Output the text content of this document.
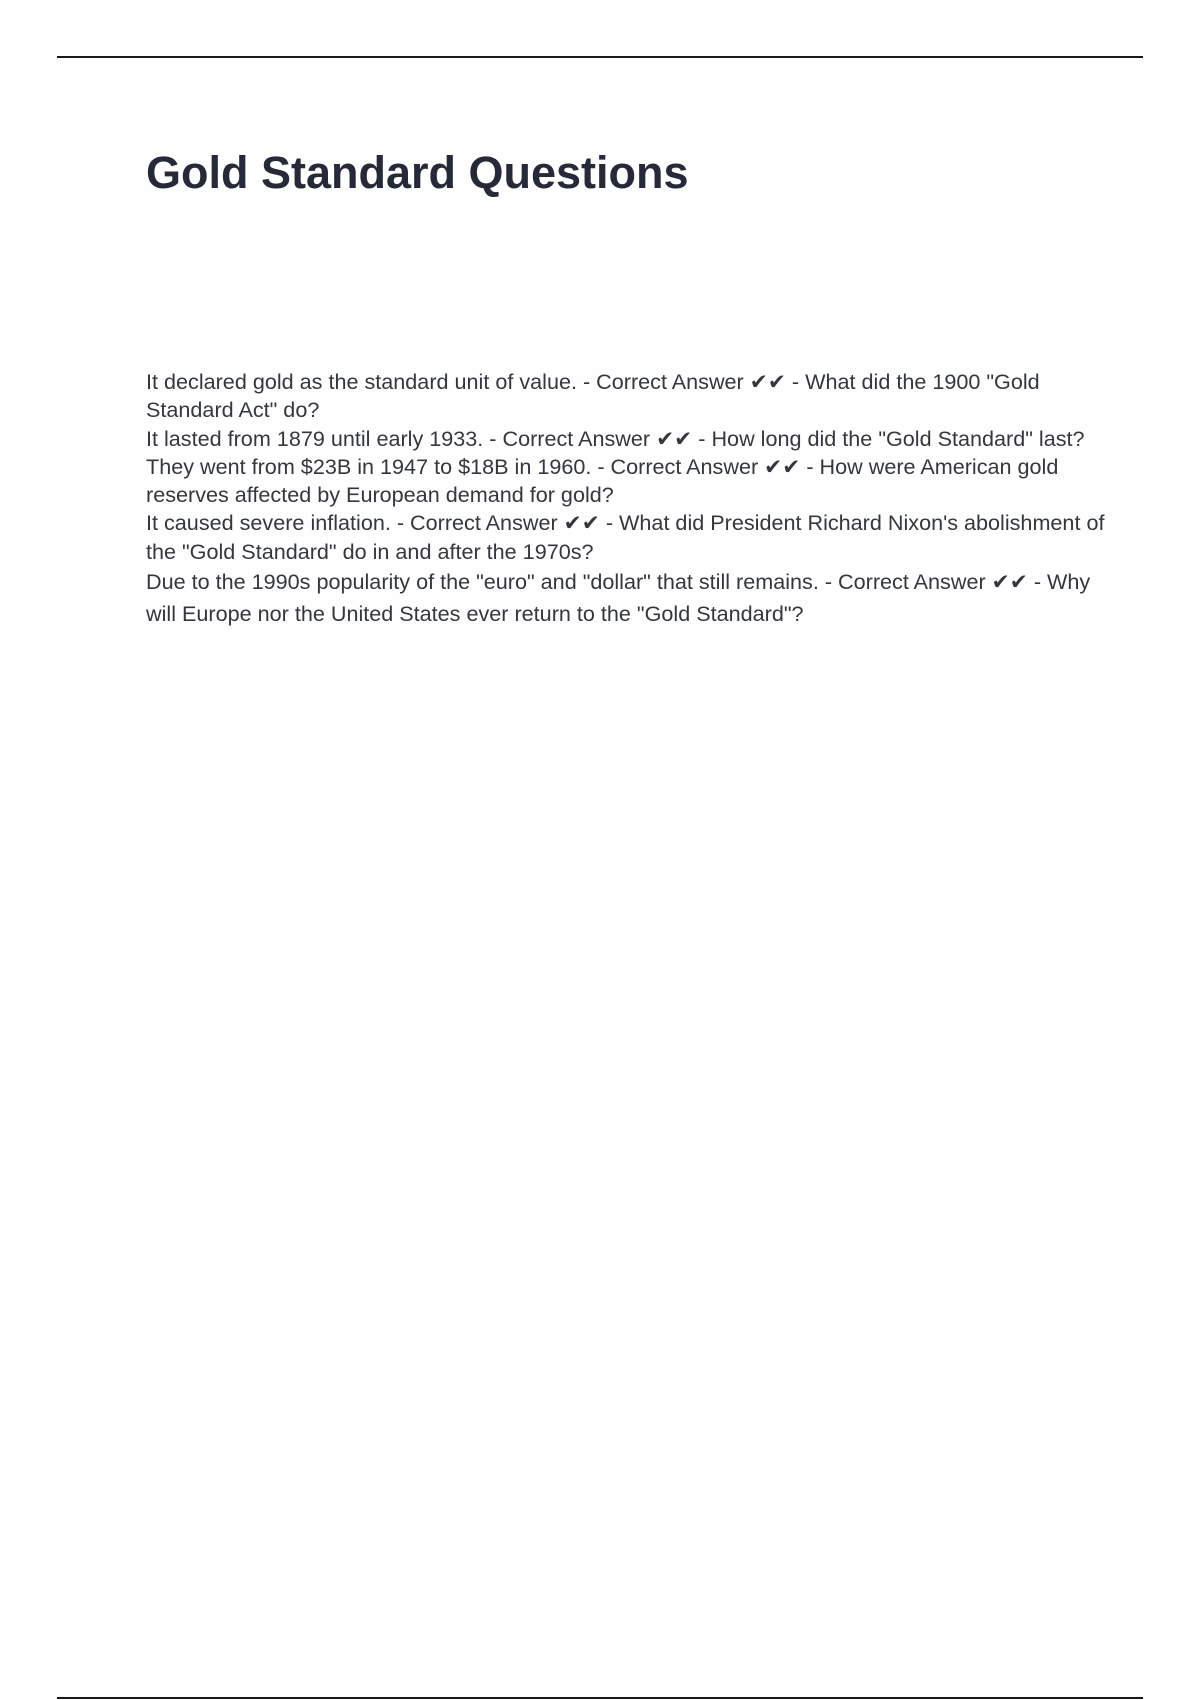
Gold Standard Questions
It declared gold as the standard unit of value. - Correct Answer ✔✔ - What did the 1900 "Gold Standard Act" do?
It lasted from 1879 until early 1933. - Correct Answer ✔✔ - How long did the "Gold Standard" last?
They went from $23B in 1947 to $18B in 1960. - Correct Answer ✔✔ - How were American gold reserves affected by European demand for gold?
It caused severe inflation. - Correct Answer ✔✔ - What did President Richard Nixon's abolishment of the "Gold Standard" do in and after the 1970s?
Due to the 1990s popularity of the "euro" and "dollar" that still remains. - Correct Answer ✔✔ - Why will Europe nor the United States ever return to the "Gold Standard"?
